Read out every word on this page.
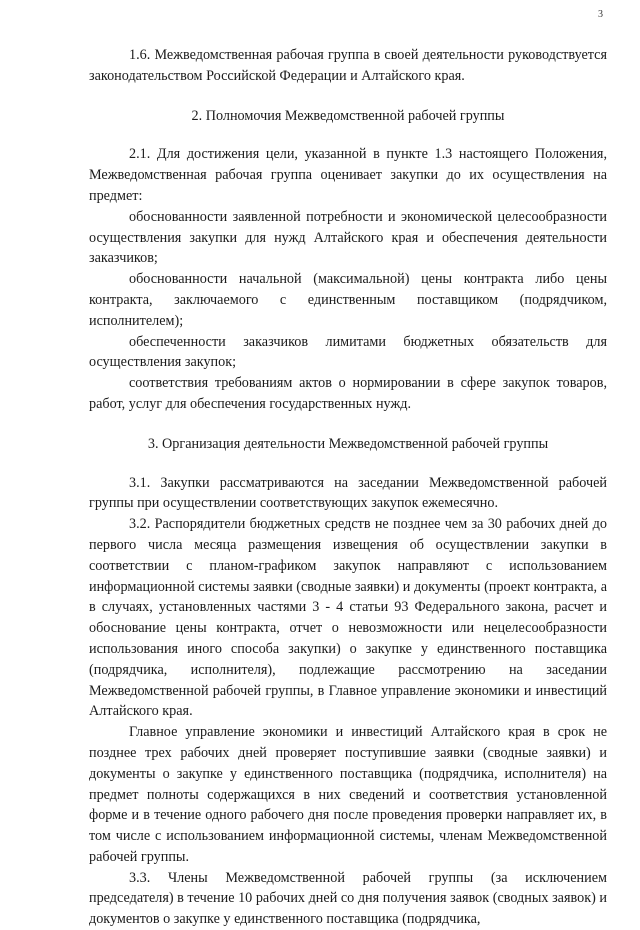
3

1.6. Межведомственная рабочая группа в своей деятельности руководствуется законодательством Российской Федерации и Алтайского края.

2. Полномочия Межведомственной рабочей группы

2.1. Для достижения цели, указанной в пункте 1.3 настоящего Положения, Межведомственная рабочая группа оценивает закупки до их осуществления на предмет:

обоснованности заявленной потребности и экономической целесообразности осуществления закупки для нужд Алтайского края и обеспечения деятельности заказчиков;

обоснованности начальной (максимальной) цены контракта либо цены контракта, заключаемого с единственным поставщиком (подрядчиком, исполнителем);

обеспеченности заказчиков лимитами бюджетных обязательств для осуществления закупок;

соответствия требованиям актов о нормировании в сфере закупок товаров, работ, услуг для обеспечения государственных нужд.

3. Организация деятельности Межведомственной рабочей группы

3.1. Закупки рассматриваются на заседании Межведомственной рабочей группы при осуществлении соответствующих закупок ежемесячно.

3.2. Распорядители бюджетных средств не позднее чем за 30 рабочих дней до первого числа месяца размещения извещения об осуществлении закупки в соответствии с планом-графиком закупок направляют с использованием информационной системы заявки (сводные заявки) и документы (проект контракта, а в случаях, установленных частями 3 - 4 статьи 93 Федерального закона, расчет и обоснование цены контракта, отчет о невозможности или нецелесообразности использования иного способа закупки) о закупке у единственного поставщика (подрядчика, исполнителя), подлежащие рассмотрению на заседании Межведомственной рабочей группы, в Главное управление экономики и инвестиций Алтайского края.

Главное управление экономики и инвестиций Алтайского края в срок не позднее трех рабочих дней проверяет поступившие заявки (сводные заявки) и документы о закупке у единственного поставщика (подрядчика, исполнителя) на предмет полноты содержащихся в них сведений и соответствия установленной форме и в течение одного рабочего дня после проведения проверки направляет их, в том числе с использованием информационной системы, членам Межведомственной рабочей группы.

3.3. Члены Межведомственной рабочей группы (за исключением председателя) в течение 10 рабочих дней со дня получения заявок (сводных заявок) и документов о закупке у единственного поставщика (подрядчика,
